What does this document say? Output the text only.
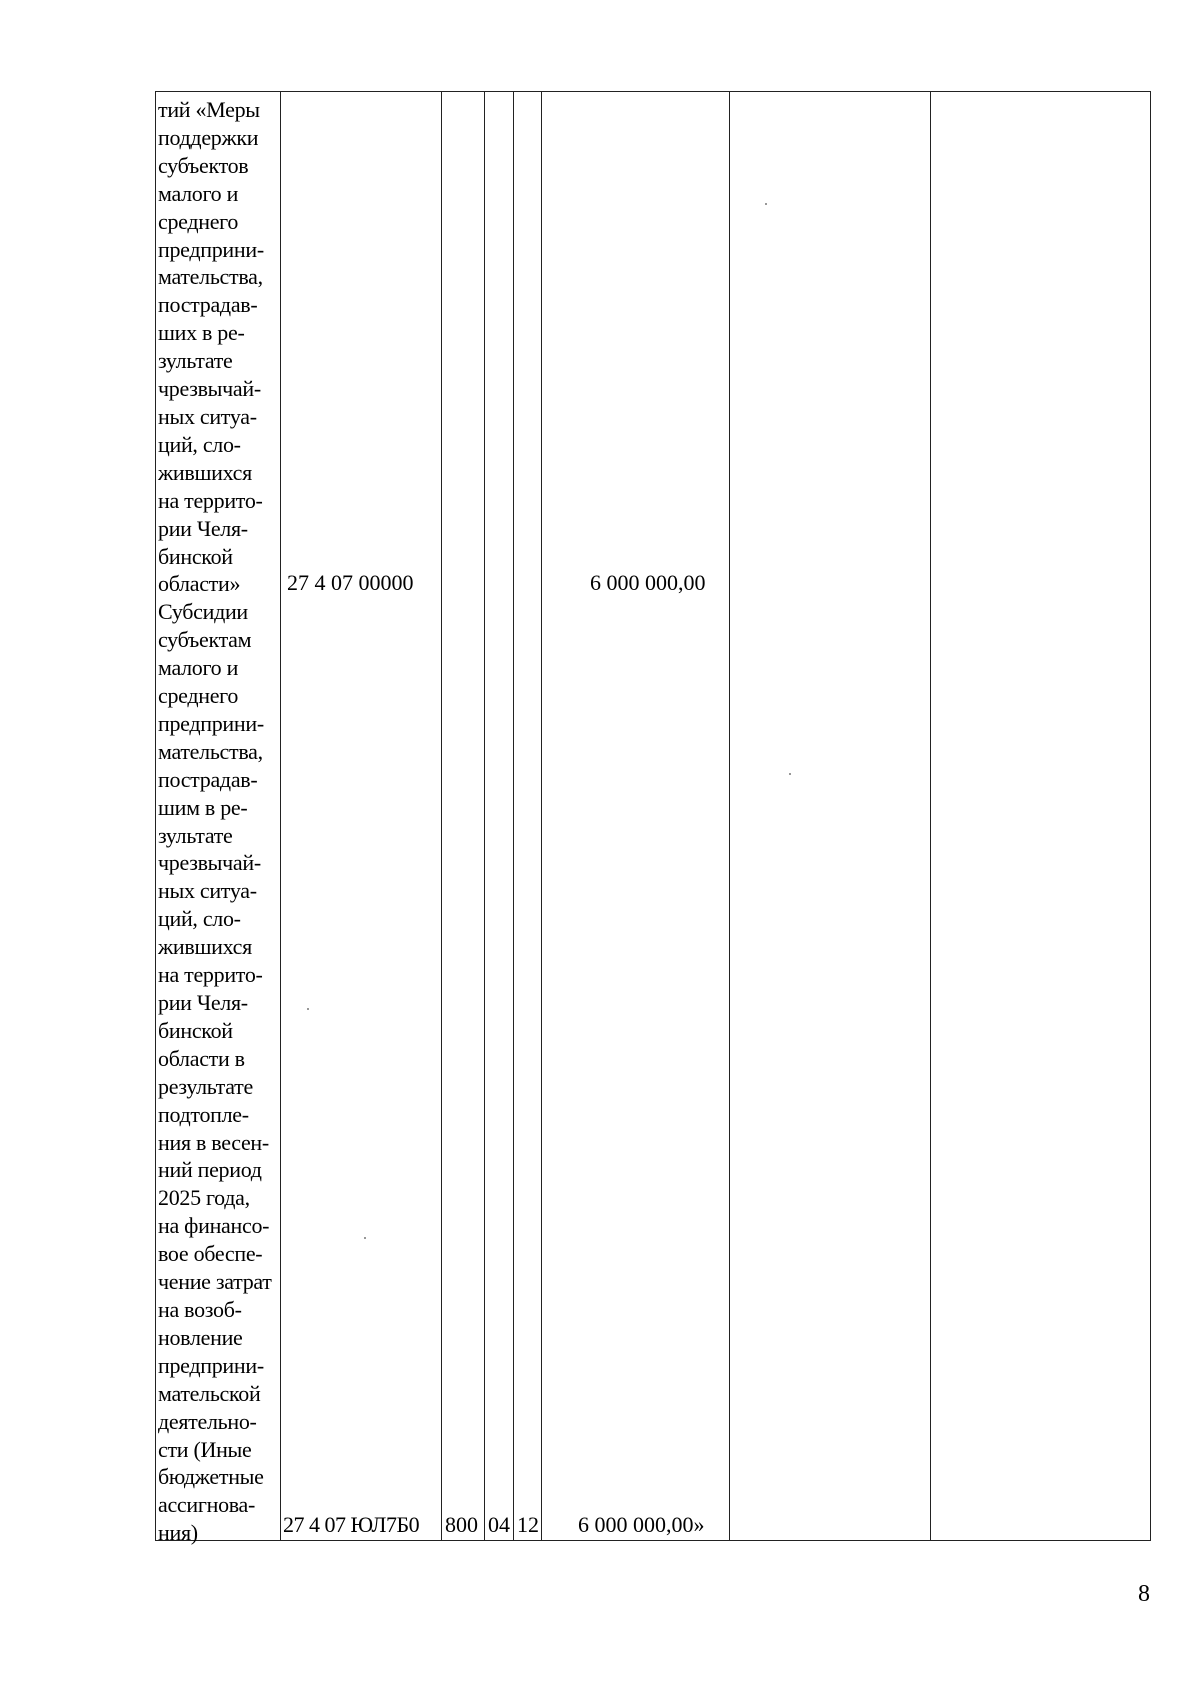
тий «Меры
поддержки
субъектов
малого и
среднего
предприни-
мательства,
пострадав-
ших в ре-
зультате
чрезвычай-
ных ситуа-
ций, сло-
жившихся
на террито-
рии Челя-
бинской
области»
Субсидии
субъектам
малого и
среднего
предприни-
мательства,
пострадав-
шим в ре-
зультате
чрезвычай-
ных ситуа-
ций, сло-
жившихся
на террито-
рии Челя-
бинской
области в
результате
подтопле-
ния в весен-
ний период
2025 года,
на финансо-
вое обеспе-
чение затрат
на возоб-
новление
предприни-
мательской
деятельно-
сти (Иные
бюджетные
ассигнова-
ния)
27 4 07 00000	6 000 000,00
27 4 07 ЮЛ7Б0 800 04 12 6 000 000,00»
8
